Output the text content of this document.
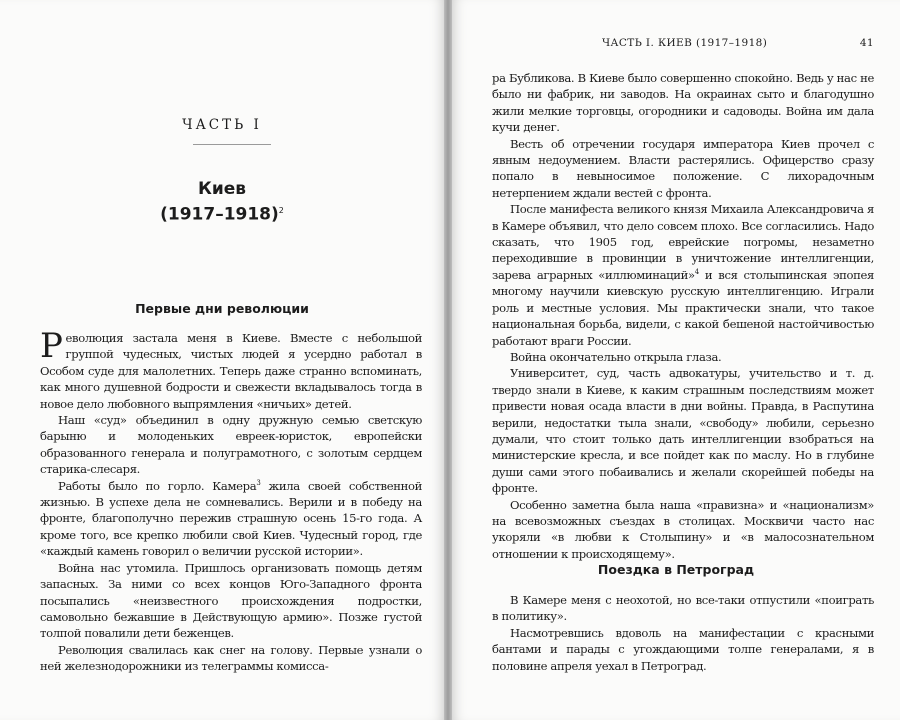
ЧАСТЬ I
Киев
(1917–1918)$^2$
Первые дни революции

Революция застала меня в Киеве. Вместе с небольшой группой чудесных, чистых людей я усердно работал в Особом суде для малолетних. Теперь даже странно вспоминать, как много душевной бодрости и свежести вкладывалось тогда в новое дело любовного выпрямления «ничьих» детей.

Наш «суд» объединил в одну дружную семью светскую барыню и молоденьких евреек-юристок, европейски образованного генерала и полуграмотного, с золотым сердцем старика-слесаря.

Работы было по горло. Камера$^3$ жила своей собственной жизнью. В успехе дела не сомневались. Верили и в победу на фронте, благополучно пережив страшную осень 15-го года. А кроме того, все крепко любили свой Киев. Чудесный город, где «каждый камень говорил о величии русской истории».

Война нас утомила. Пришлось организовать помощь детям запасных. За ними со всех концов Юго-Западного фронта посыпались «неизвестного происхождения подростки, самовольно бежавшие в Действующую армию». Позже густой толпой повалили дети беженцев.

Революция свалилась как снег на голову. Первые узнали о ней железнодорожники из телеграммы комисса-

ЧАСТЬ I. КИЕВ (1917–1918)	41

ра Бубликова. В Киеве было совершенно спокойно. Ведь у нас не было ни фабрик, ни заводов. На окраинах сыто и благодушно жили мелкие торговцы, огородники и садоводы. Война им дала кучи денег.

Весть об отречении государя императора Киев прочел с явным недоумением. Власти растерялись. Офицерство сразу попало в невыносимое положение. С лихорадочным нетерпением ждали вестей с фронта.

После манифеста великого князя Михаила Александровича я в Камере объявил, что дело совсем плохо. Все согласились. Надо сказать, что 1905 год, еврейские погромы, незаметно переходившие в провинции в уничтожение интеллигенции, зарева аграрных «иллюминаций»$^4$ и вся столыпинская эпопея многому научили киевскую русскую интеллигенцию. Играли роль и местные условия. Мы практически знали, что такое национальная борьба, видели, с какой бешеной настойчивостью работают враги России.

Война окончательно открыла глаза.

Университет, суд, часть адвокатуры, учительство и т. д. твердо знали в Киеве, к каким страшным последствиям может привести новая осада власти в дни войны. Правда, в Распутина верили, недостатки тыла знали, «свободу» любили, серьезно думали, что стоит только дать интеллигенции взобраться на министерские кресла, и все пойдет как по маслу. Но в глубине души сами этого побаивались и желали скорейшей победы на фронте.

Особенно заметна была наша «правизна» и «национализм» на всевозможных съездах в столицах. Москвичи часто нас укоряли «в любви к Столыпину» и «в малосознательном отношении к происходящему».

Поездка в Петроград

В Камере меня с неохотой, но все-таки отпустили «поиграть в политику».

Насмотревшись вдоволь на манифестации с красными бантами и парады с угождающими толпе генералами, я в половине апреля уехал в Петроград.
